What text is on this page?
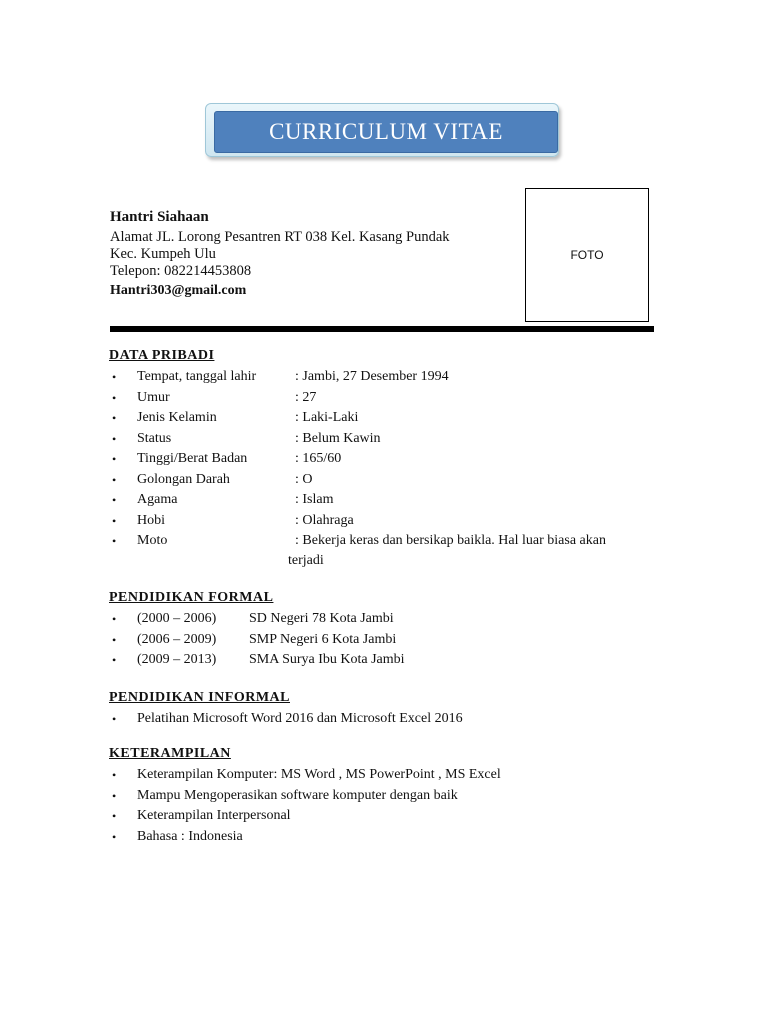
CURRICULUM VITAE
Hantri Siahaan
Alamat JL. Lorong Pesantren RT 038 Kel. Kasang Pundak
Kec. Kumpeh Ulu
Telepon: 082214453808
Hantri303@gmail.com
FOTO
DATA PRIBADI
• Tempat, tanggal lahir	: Jambi, 27 Desember 1994
• Umur	: 27
• Jenis Kelamin	: Laki-Laki
• Status	: Belum Kawin
• Tinggi/Berat Badan	: 165/60
• Golongan Darah	: O
• Agama	: Islam
• Hobi	: Olahraga
• Moto	: Bekerja keras dan bersikap baikla. Hal luar biasa akan
terjadi
PENDIDIKAN FORMAL
• (2000 – 2006) SD Negeri 78 Kota Jambi
• (2006 – 2009) SMP Negeri 6 Kota Jambi
• (2009 – 2013) SMA Surya Ibu Kota Jambi
PENDIDIKAN INFORMAL
• Pelatihan Microsoft Word 2016 dan Microsoft Excel 2016
KETERAMPILAN
• Keterampilan Komputer: MS Word , MS PowerPoint , MS Excel
• Mampu Mengoperasikan software komputer dengan baik
• Keterampilan Interpersonal
• Bahasa : Indonesia
